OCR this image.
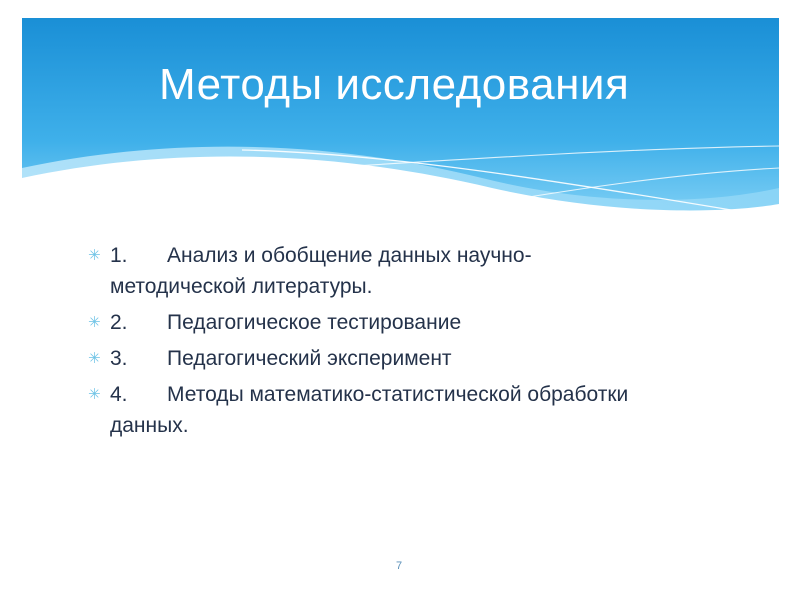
Методы исследования
✳ 1. Анализ и обобщение данных научно-методической литературы.
✳ 2. Педагогическое тестирование
✳ 3. Педагогический эксперимент
✳ 4. Методы математико-статистической обработки данных.
7
